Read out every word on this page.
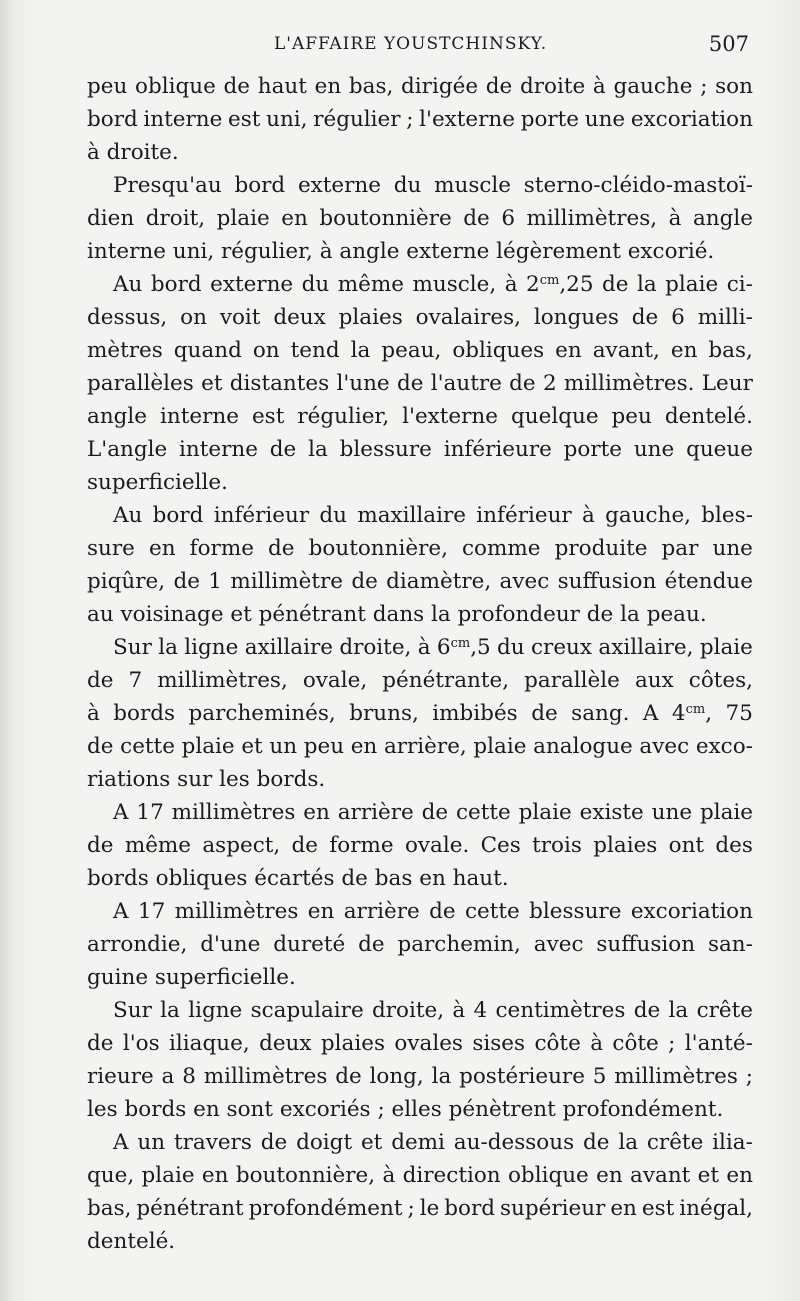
L'AFFAIRE YOUSTCHINSKY.	507
peu oblique de haut en bas, dirigée de droite à gauche ; son
bord interne est uni, régulier ; l'externe porte une excoriation
à
droite.
Presqu'au bord externe du muscle sterno-cléido-mastoï-
dien droit, plaie en boutonnière de 6 millimètres, à angle
interne
uni,
régulier,
à
angle
externe
légèrement
excorié.
Au bord externe du même muscle, à $2^{cm},25$ de la plaie ci-
dessus, on voit deux plaies ovalaires, longues de 6 milli-
mètres quand on tend la peau, obliques en avant, en bas,
parallèles et distantes l'une de l'autre de 2 millimètres. Leur
angle interne est régulier, l'externe quelque peu dentelé.
L'angle interne de la blessure inférieure porte une queue
superficielle.
Au bord inférieur du maxillaire inférieur à gauche, bles-
sure en forme de boutonnière, comme produite par une
piqûre, de 1 millimètre de diamètre, avec suffusion étendue
au
voisinage
et
pénétrant
dans
la
profondeur
de
la
peau.
Sur la ligne axillaire droite, à $6^{cm},5$ du creux axillaire, plaie
de 7 millimètres, ovale, pénétrante, parallèle aux côtes,
à bords parcheminés, bruns, imbibés de sang. A $4^{cm}$, 75
de cette plaie et un peu en arrière, plaie analogue avec exco-
riations
sur
les
bords.
A 17 millimètres en arrière de cette plaie existe une plaie
de même aspect, de forme ovale. Ces trois plaies ont des
bords
obliques
écartés
de
bas
en
haut.
A 17 millimètres en arrière de cette blessure excoriation
arrondie, d'une dureté de parchemin, avec suffusion san-
guine
superficielle.
Sur la ligne scapulaire droite, à 4 centimètres de la crête
de l'os iliaque, deux plaies ovales sises côte à côte ; l'anté-
rieure a 8 millimètres de long, la postérieure 5 millimètres ;
les
bords
en
sont
excoriés
;
elles
pénètrent
profondément.
A un travers de doigt et demi au-dessous de la crête ilia-
que, plaie en boutonnière, à direction oblique en avant et en
bas, pénétrant profondément ; le bord supérieur en est inégal,
dentelé.
